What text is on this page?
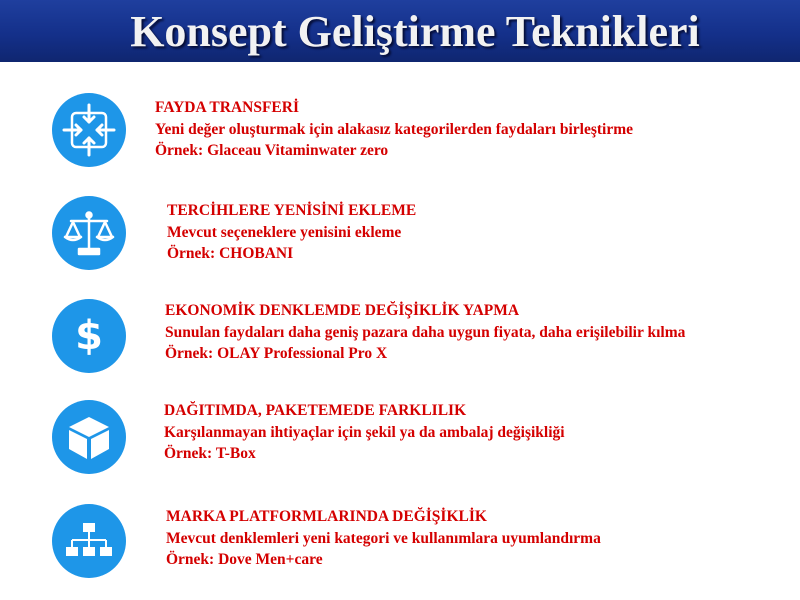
Konsept Geliştirme Teknikleri
FAYDA TRANSFERİ
Yeni değer oluşturmak için alakasız kategorilerden faydaları birleştirme
Örnek: Glaceau Vitaminwater zero
TERCİHLERE YENİSİNİ EKLEME
Mevcut seçeneklere yenisini ekleme
Örnek: CHOBANI
$
EKONOMİK DENKLEMDE DEĞİŞİKLİK YAPMA
Sunulan faydaları daha geniş pazara daha uygun fiyata, daha erişilebilir kılma
Örnek: OLAY Professional Pro X
DAĞITIMDA, PAKETEMEDE FARKLILIK
Karşılanmayan ihtiyaçlar için şekil ya da ambalaj değişikliği
Örnek: T-Box
MARKA PLATFORMLARINDA DEĞİŞİKLİK
Mevcut denklemleri yeni kategori ve kullanımlara uyumlandırma
Örnek: Dove Men+care
